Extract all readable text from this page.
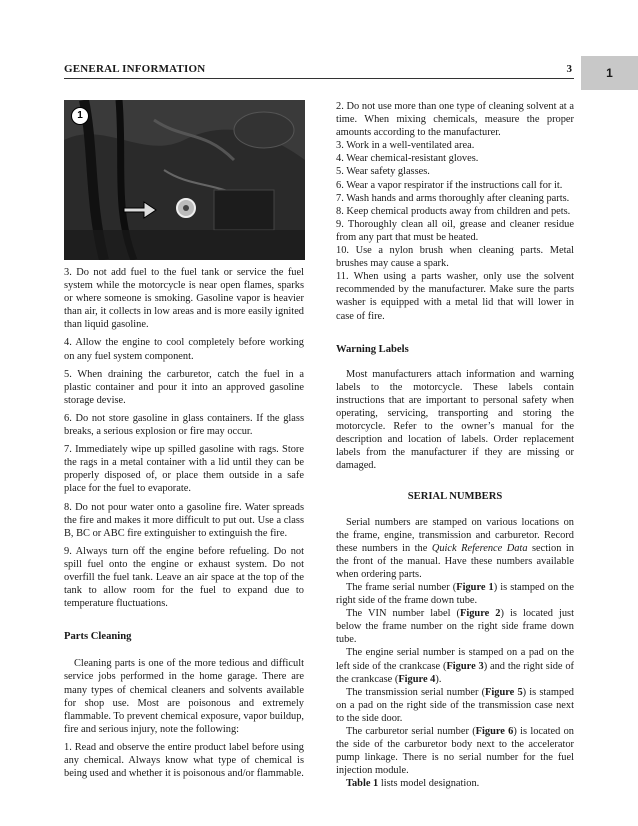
GENERAL INFORMATION	3	1
1

3. Do not add fuel to the fuel tank or service the fuel system while the motorcycle is near open flames, sparks or where someone is smoking. Gasoline vapor is heavier than air, it collects in low areas and is more easily ignited than liquid gasoline.

4. Allow the engine to cool completely before working on any fuel system component.

5. When draining the carburetor, catch the fuel in a plastic container and pour it into an approved gasoline storage devise.

6. Do not store gasoline in glass containers. If the glass breaks, a serious explosion or fire may occur.

7. Immediately wipe up spilled gasoline with rags. Store the rags in a metal container with a lid until they can be properly disposed of, or place them outside in a safe place for the fuel to evaporate.

8. Do not pour water onto a gasoline fire. Water spreads the fire and makes it more difficult to put out. Use a class B, BC or ABC fire extinguisher to extinguish the fire.

9. Always turn off the engine before refueling. Do not spill fuel onto the engine or exhaust system. Do not overfill the fuel tank. Leave an air space at the top of the tank to allow room for the fuel to expand due to temperature fluctuations.

Parts Cleaning

Cleaning parts is one of the more tedious and difficult service jobs performed in the home garage. There are many types of chemical cleaners and solvents available for shop use. Most are poisonous and extremely flammable. To prevent chemical exposure, vapor buildup, fire and serious injury, note the following:

1. Read and observe the entire product label before using any chemical. Always know what type of chemical is being used and whether it is poisonous and/or flammable.

2. Do not use more than one type of cleaning solvent at a time. When mixing chemicals, measure the proper amounts according to the manufacturer.

3. Work in a well-ventilated area.

4. Wear chemical-resistant gloves.

5. Wear safety glasses.

6. Wear a vapor respirator if the instructions call for it.

7. Wash hands and arms thoroughly after cleaning parts.

8. Keep chemical products away from children and pets.

9. Thoroughly clean all oil, grease and cleaner residue from any part that must be heated.

10. Use a nylon brush when cleaning parts. Metal brushes may cause a spark.

11. When using a parts washer, only use the solvent recommended by the manufacturer. Make sure the parts washer is equipped with a metal lid that will lower in case of fire.

Warning Labels

Most manufacturers attach information and warning labels to the motorcycle. These labels contain instructions that are important to personal safety when operating, servicing, transporting and storing the motorcycle. Refer to the owner’s manual for the description and location of labels. Order replacement labels from the manufacturer if they are missing or damaged.

SERIAL NUMBERS

Serial numbers are stamped on various locations on the frame, engine, transmission and carburetor. Record these numbers in the Quick Reference Data section in the front of the manual. Have these numbers available when ordering parts.

The frame serial number (Figure 1) is stamped on the right side of the frame down tube.

The VIN number label (Figure 2) is located just below the frame number on the right side frame down tube.

The engine serial number is stamped on a pad on the left side of the crankcase (Figure 3) and the right side of the crankcase (Figure 4).

The transmission serial number (Figure 5) is stamped on a pad on the right side of the transmission case next to the side door.

The carburetor serial number (Figure 6) is located on the side of the carburetor body next to the accelerator pump linkage. There is no serial number for the fuel injection module.

Table 1 lists model designation.
